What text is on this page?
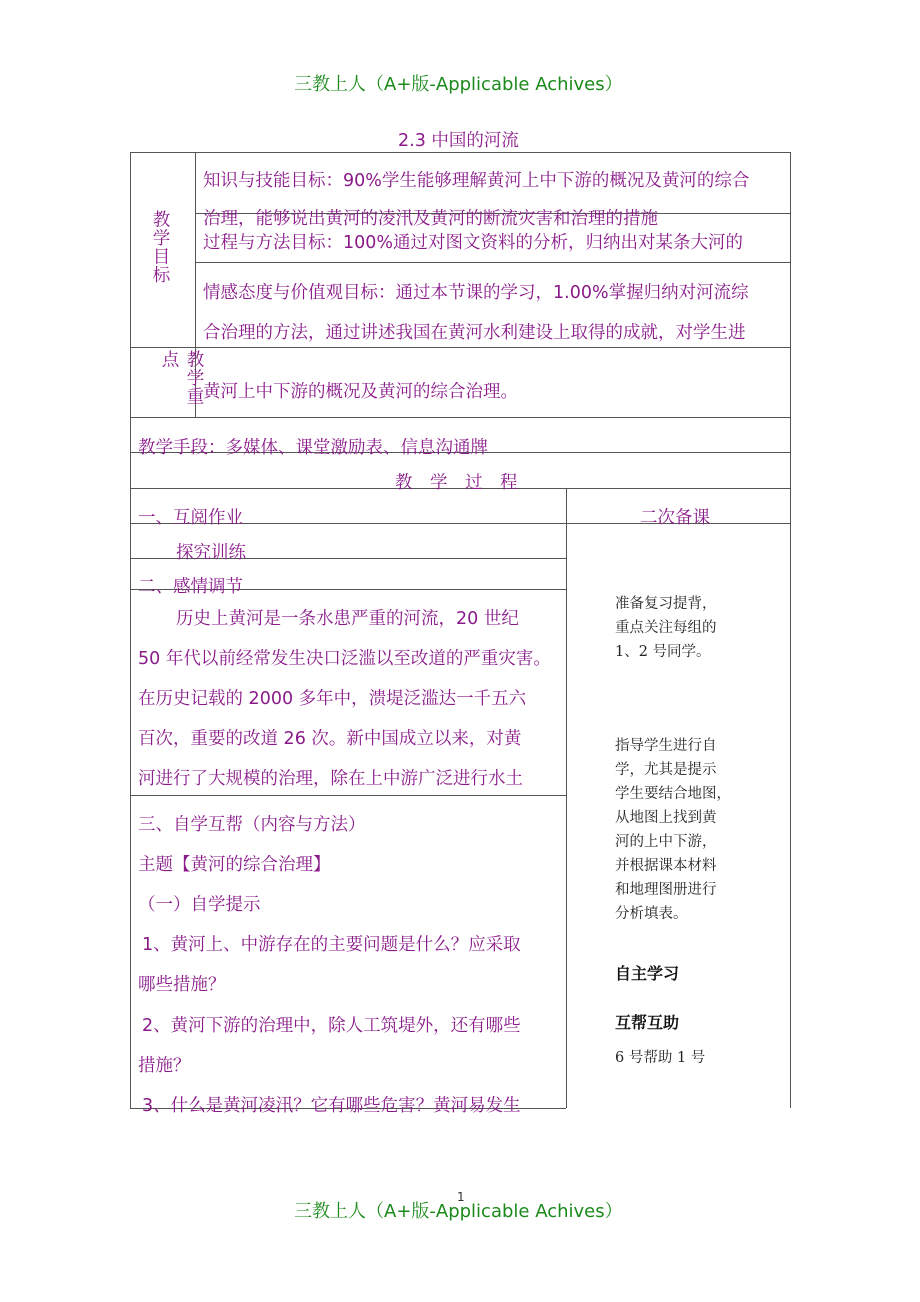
三教上人（A+版-Applicable Achives）
2.3 中国的河流
教学目标
知识与技能目标：90%学生能够理解黄河上中下游的概况及黄河的综合
治理，能够说出黄河的凌汛及黄河的断流灾害和治理的措施
过程与方法目标：100%通过对图文资料的分析，归纳出对某条大河的
情感态度与价值观目标：通过本节课的学习，1.00%掌握归纳对河流综
合治理的方法，通过讲述我国在黄河水利建设上取得的成就，对学生进
教学重点
黄河上中下游的概况及黄河的综合治理。
教学手段：多媒体、课堂激励表、信息沟通牌
教　学　过　程
一、互阅作业	二次备课
探究训练
二、感情调节
历史上黄河是一条水患严重的河流，20 世纪
50 年代以前经常发生决口泛滥以至改道的严重灾害。
在历史记载的 2000 多年中，溃堤泛滥达一千五六
百次，重要的改道 26 次。新中国成立以来，对黄
河进行了大规模的治理，除在上中游广泛进行水土
三、自学互帮（内容与方法）
主题【黄河的综合治理】
（一）自学提示
1、黄河上、中游存在的主要问题是什么？应采取
哪些措施？
2、黄河下游的治理中，除人工筑堤外，还有哪些
措施？
3、什么是黄河凌汛？它有哪些危害？黄河易发生
准备复习提背，
重点关注每组的
1、2 号同学。
指导学生进行自
学，尤其是提示
学生要结合地图，
从地图上找到黄
河的上中下游，
并根据课本材料
和地理图册进行
分析填表。
自主学习
互帮互助
6 号帮助 1 号
三教上人（A+版-Applicable Achives）
1
